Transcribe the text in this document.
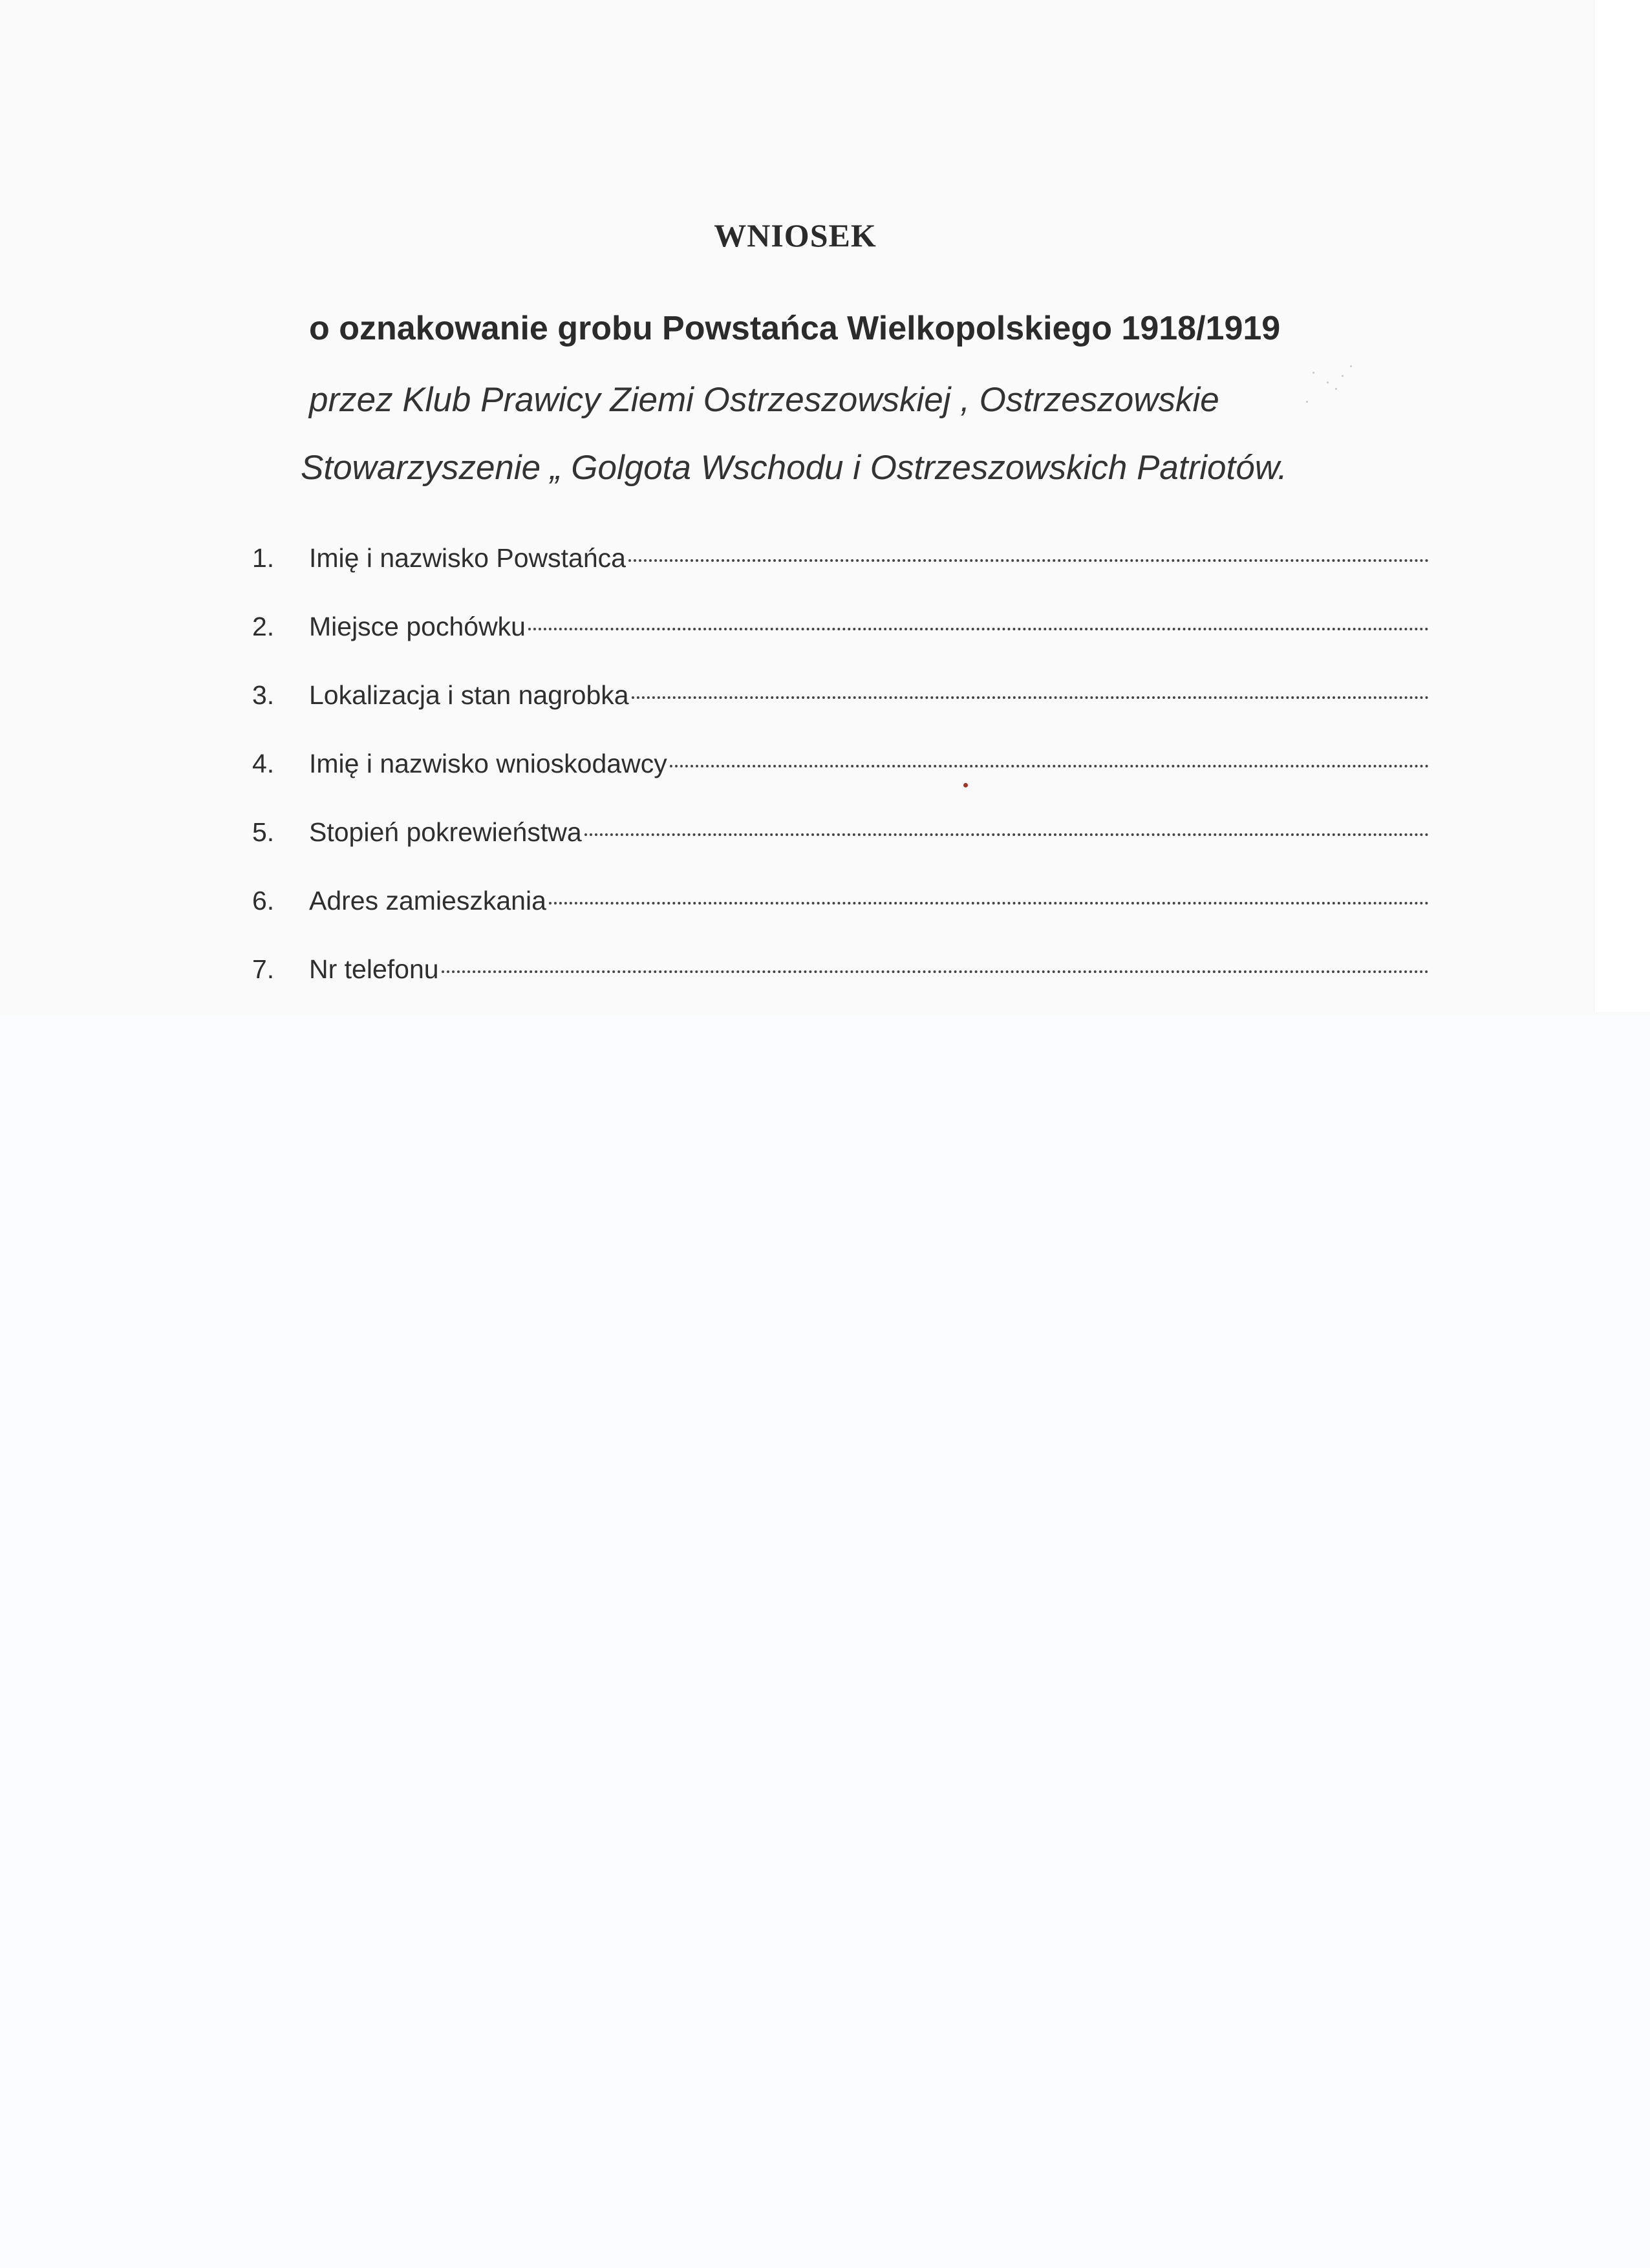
WNIOSEK

o oznakowanie grobu Powstańca Wielkopolskiego 1918/1919

przez Klub Prawicy Ziemi Ostrzeszowskiej , Ostrzeszowskie

Stowarzyszenie „ Golgota Wschodu i Ostrzeszowskich Patriotów.

1.	Imię i nazwisko Powstańca
2.	Miejsce pochówku
3.	Lokalizacja i stan nagrobka
4.	Imię i nazwisko wnioskodawcy
5.	Stopień pokrewieństwa
6.	Adres zamieszkania
7.	Nr telefonu
